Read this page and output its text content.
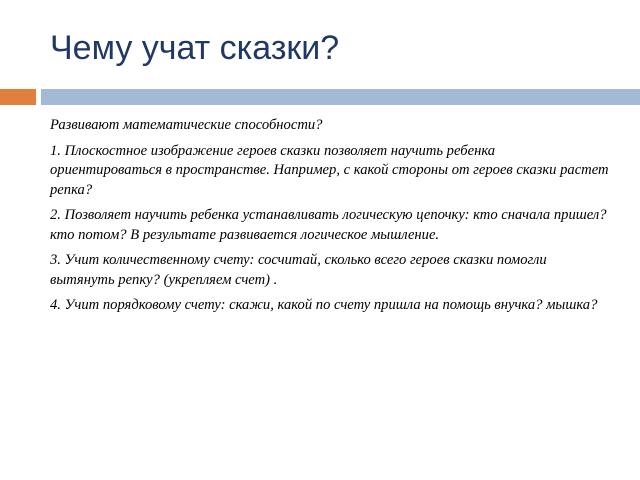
Чему учат сказки?

Развивают математические способности?

1. Плоскостное изображение героев сказки позволяет научить ребенка ориентироваться в пространстве. Например, с какой стороны от героев сказки растет репка?

2. Позволяет научить ребенка устанавливать логическую цепочку: кто сначала пришел? кто потом? В результате развивается логическое мышление.

3. Учит количественному счету: сосчитай, сколько всего героев сказки помогли вытянуть репку? (укрепляем счет) .

4. Учит порядковому счету: скажи, какой по счету пришла на помощь внучка? мышка?
